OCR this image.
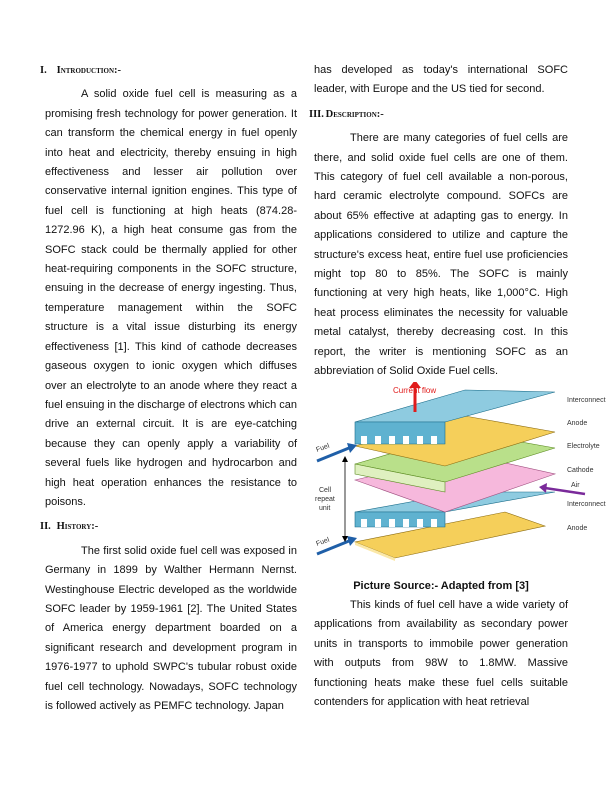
I. Introduction:-

A solid oxide fuel cell is measuring as a promising fresh technology for power generation. It can transform the chemical energy in fuel openly into heat and electricity, thereby ensuing in high effectiveness and lesser air pollution over conservative internal ignition engines. This type of fuel cell is functioning at high heats (874.28-1272.96 K), a high heat consume gas from the SOFC stack could be thermally applied for other heat-requiring components in the SOFC structure, ensuing in the decrease of energy ingesting. Thus, temperature management within the SOFC structure is a vital issue disturbing its energy effectiveness [1]. This kind of cathode decreases gaseous oxygen to ionic oxygen which diffuses over an electrolyte to an anode where they react a fuel ensuing in the discharge of electrons which can drive an external circuit. It is are eye-catching because they can openly apply a variability of several fuels like hydrogen and hydrocarbon and high heat operation enhances the resistance to poisons.

II. History:-

The first solid oxide fuel cell was exposed in Germany in 1899 by Walther Hermann Nernst. Westinghouse Electric developed as the worldwide SOFC leader by 1959-1961 [2]. The United States of America energy department boarded on a significant research and development program in 1976-1977 to uphold SWPC's tubular robust oxide fuel cell technology. Nowadays, SOFC technology is followed actively as PEMFC technology. Japan

has developed as today's international SOFC leader, with Europe and the US tied for second.

III. Description:-

There are many categories of fuel cells are there, and solid oxide fuel cells are one of them. This category of fuel cell available a non-porous, hard ceramic electrolyte compound. SOFCs are about 65% effective at adapting gas to energy. In applications considered to utilize and capture the structure's excess heat, entire fuel use proficiencies might top 80 to 85%. The SOFC is mainly functioning at very high heats, like 1,000°C. High heat process eliminates the necessity for valuable metal catalyst, thereby decreasing cost. In this report, the writer is mentioning SOFC as an abbreviation of Solid Oxide Fuel cells.

Current flow
Interconnect
Anode
Electrolyte
Cathode
Air
Interconnect
Anode
Fuel
Fuel
Cell
repeat
unit
Picture Source:- Adapted from [3]

This kinds of fuel cell have a wide variety of applications from availability as secondary power units in transports to immobile power generation with outputs from 98W to 1.8MW. Massive functioning heats make these fuel cells suitable contenders for application with heat retrieval
